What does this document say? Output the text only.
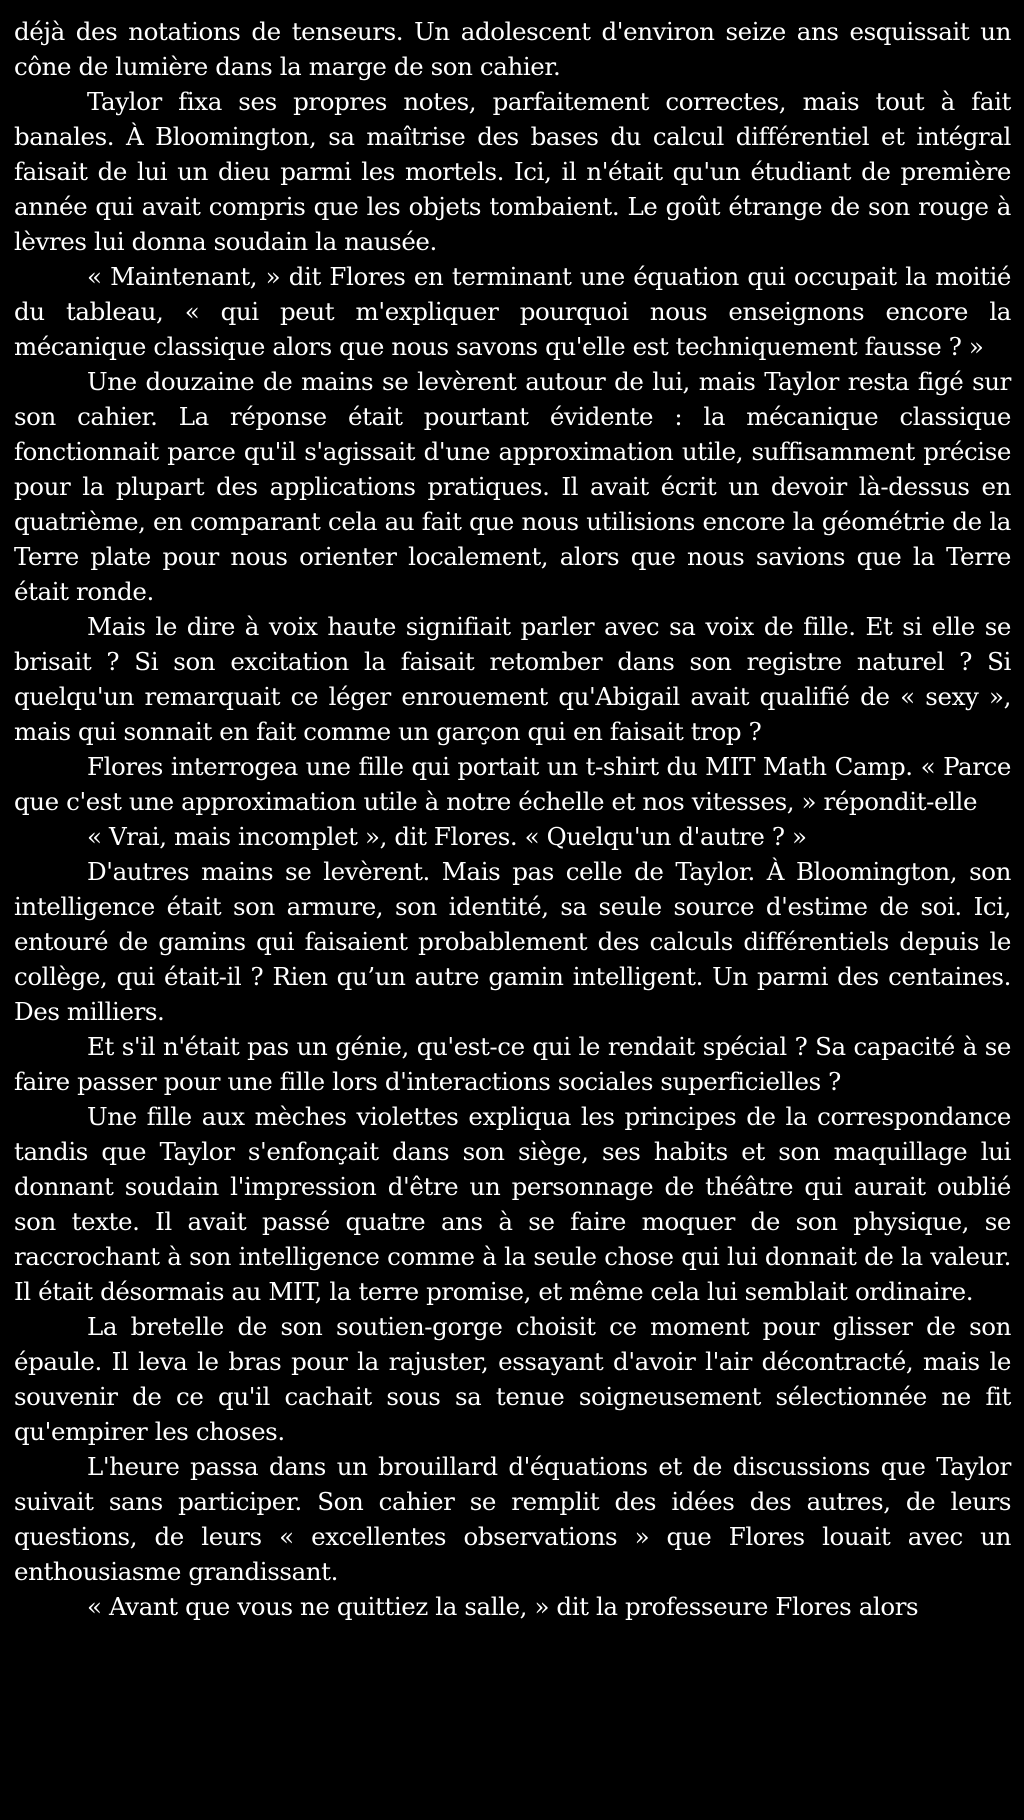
déjà des notations de tenseurs. Un adolescent d'environ seize ans esquissait un cône de lumière dans la marge de son cahier.

Taylor fixa ses propres notes, parfaitement correctes, mais tout à fait banales. À Bloomington, sa maîtrise des bases du calcul différentiel et intégral faisait de lui un dieu parmi les mortels. Ici, il n'était qu'un étudiant de première année qui avait compris que les objets tombaient. Le goût étrange de son rouge à lèvres lui donna soudain la nausée.

« Maintenant, » dit Flores en terminant une équation qui occupait la moitié du tableau, « qui peut m'expliquer pourquoi nous enseignons encore la mécanique classique alors que nous savons qu'elle est techniquement fausse ? »

Une douzaine de mains se levèrent autour de lui, mais Taylor resta figé sur son cahier. La réponse était pourtant évidente : la mécanique classique fonctionnait parce qu'il s'agissait d'une approximation utile, suffisamment précise pour la plupart des applications pratiques. Il avait écrit un devoir là-dessus en quatrième, en comparant cela au fait que nous utilisions encore la géométrie de la Terre plate pour nous orienter localement, alors que nous savions que la Terre était ronde.

Mais le dire à voix haute signifiait parler avec sa voix de fille. Et si elle se brisait ? Si son excitation la faisait retomber dans son registre naturel ? Si quelqu'un remarquait ce léger enrouement qu'Abigail avait qualifié de « sexy », mais qui sonnait en fait comme un garçon qui en faisait trop ?

Flores interrogea une fille qui portait un t-shirt du MIT Math Camp. « Parce que c'est une approximation utile à notre échelle et nos vitesses, » répondit-elle

« Vrai, mais incomplet », dit Flores. « Quelqu'un d'autre ? »

D'autres mains se levèrent. Mais pas celle de Taylor. À Bloomington, son intelligence était son armure, son identité, sa seule source d'estime de soi. Ici, entouré de gamins qui faisaient probablement des calculs différentiels depuis le collège, qui était-il ? Rien qu’un autre gamin intelligent. Un parmi des centaines. Des milliers.

Et s'il n'était pas un génie, qu'est-ce qui le rendait spécial ? Sa capacité à se faire passer pour une fille lors d'interactions sociales superficielles ?

Une fille aux mèches violettes expliqua les principes de la correspondance tandis que Taylor s'enfonçait dans son siège, ses habits et son maquillage lui donnant soudain l'impression d'être un personnage de théâtre qui aurait oublié son texte. Il avait passé quatre ans à se faire moquer de son physique, se raccrochant à son intelligence comme à la seule chose qui lui donnait de la valeur. Il était désormais au MIT, la terre promise, et même cela lui semblait ordinaire.

La bretelle de son soutien-gorge choisit ce moment pour glisser de son épaule. Il leva le bras pour la rajuster, essayant d'avoir l'air décontracté, mais le souvenir de ce qu'il cachait sous sa tenue soigneusement sélectionnée ne fit qu'empirer les choses.

L'heure passa dans un brouillard d'équations et de discussions que Taylor suivait sans participer. Son cahier se remplit des idées des autres, de leurs questions, de leurs « excellentes observations » que Flores louait avec un enthousiasme grandissant.

« Avant que vous ne quittiez la salle, » dit la professeure Flores alors
